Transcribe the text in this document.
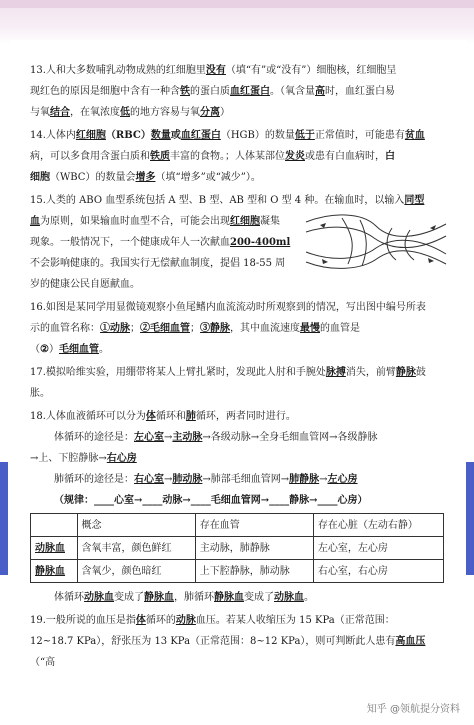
13.人和大多数哺乳动物成熟的红细胞里没有（填“有”或“没有”）细胞核，红细胞呈

现红色的原因是细胞中含有一种含铁的蛋白质血红蛋白。（氧含量高时，血红蛋白易

与氧结合，在氧浓度低的地方容易与氧分离）

14.人体内红细胞（RBC）数量或血红蛋白（HGB）的数量低于正常值时，可能患有贫血

病，可以多食用含蛋白质和铁质丰富的食物。；人体某部位发炎或患有白血病时，白

细胞（WBC）的数量会增多（填“增多”或“减少”）。

15.人类的 ABO 血型系统包括 A 型、B 型、AB 型和 O 型 4 种。在输血时，以输入同型

血为原则，如果输血时血型不合，可能会出现红细胞凝集

现象。一般情况下，一个健康成年人一次献血200-400ml

不会影响健康的。我国实行无偿献血制度，提倡 18-55 周

岁的健康公民自愿献血。

16.如图是某同学用显微镜观察小鱼尾鳍内血流流动时所观察到的情况，写出图中编号所表

示的血管名称：①动脉；②毛细血管；③静脉，其中血流速度最慢的血管是

（②）毛细血管。

17.模拟哈维实验，用绷带将某人上臂扎紧时，发现此人肘和手腕处脉搏消失，前臂静脉鼓

胀。

18.人体血液循环可以分为体循环和肺循环，两者同时进行。

体循环的途径是：左心室→主动脉→各级动脉→全身毛细血管网→各级静脉

→上、下腔静脉→右心房

肺循环的途径是：右心室→肺动脉→肺部毛细血管网→肺静脉→左心房

（规律：____心室→____动脉→____毛细血管网→____静脉→____心房）

	概念	存在血管	存在心脏（左动右静）
动脉血	含氧丰富，颜色鲜红	主动脉，肺静脉	左心室，左心房
静脉血	含氧少，颜色暗红	上下腔静脉，肺动脉	右心室，右心房

体循环动脉血变成了静脉血，肺循环静脉血变成了动脉血。

19.一般所说的血压是指体循环的动脉血压。若某人收缩压为 15 KPa（正常范围：

12~18.7 KPa），舒张压为 13 KPa（正常范围：8~12 KPa），则可判断此人患有高血压（“高

知乎 @领航提分资料
